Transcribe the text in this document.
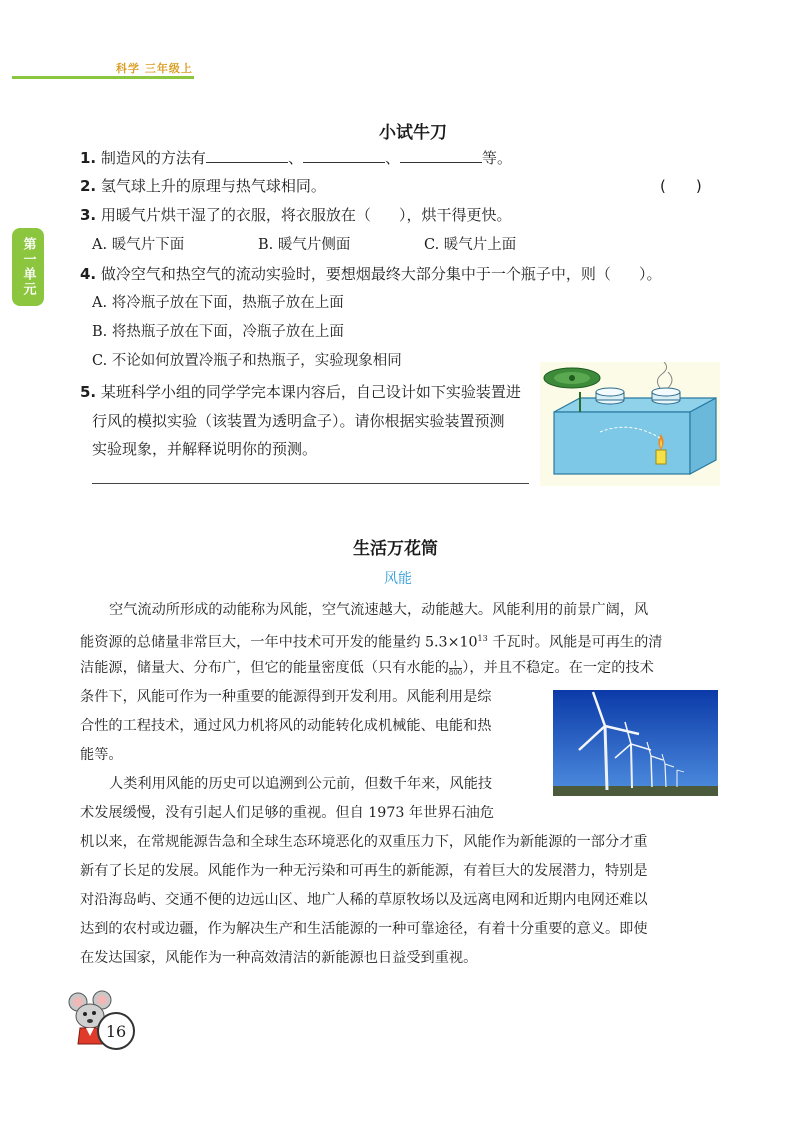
科学 三年级上
第一单元
小试牛刀
1. 制造风的方法有	、	、	等。
2. 氢气球上升的原理与热气球相同。	(　　)
3. 用暖气片烘干湿了的衣服，将衣服放在（ ），烘干得更快。
A. 暖气片下面	B. 暖气片侧面	C. 暖气片上面
4. 做冷空气和热空气的流动实验时，要想烟最终大部分集中于一个瓶子中，则（ ）。
A. 将冷瓶子放在下面，热瓶子放在上面
B. 将热瓶子放在下面，冷瓶子放在上面
C. 不论如何放置冷瓶子和热瓶子，实验现象相同
5. 某班科学小组的同学学完本课内容后，自己设计如下实验装置进
行风的模拟实验（该装置为透明盒子）。请你根据实验装置预测
实验现象，并解释说明你的预测。
生活万花筒
风能
空气流动所形成的动能称为风能，空气流速越大，动能越大。风能利用的前景广阔，风
能资源的总储量非常巨大，一年中技术可开发的能量约 $5.3\times 10^{13}$ 千瓦时。风能是可再生的清
洁能源，储量大、分布广，但它的能量密度低（只有水能的 $\frac{1}{800}$ ），并且不稳定。在一定的技术
条件下，风能可作为一种重要的能源得到开发利用。风能利用是综
合性的工程技术，通过风力机将风的动能转化成机械能、电能和热
能等。
人类利用风能的历史可以追溯到公元前，但数千年来，风能技
术发展缓慢，没有引起人们足够的重视。但自 1973 年世界石油危
机以来，在常规能源告急和全球生态环境恶化的双重压力下，风能作为新能源的一部分才重
新有了长足的发展。风能作为一种无污染和可再生的新能源，有着巨大的发展潜力，特别是
对沿海岛屿、交通不便的边远山区、地广人稀的草原牧场以及远离电网和近期内电网还难以
达到的农村或边疆，作为解决生产和生活能源的一种可靠途径，有着十分重要的意义。即使
在发达国家，风能作为一种高效清洁的新能源也日益受到重视。
16
